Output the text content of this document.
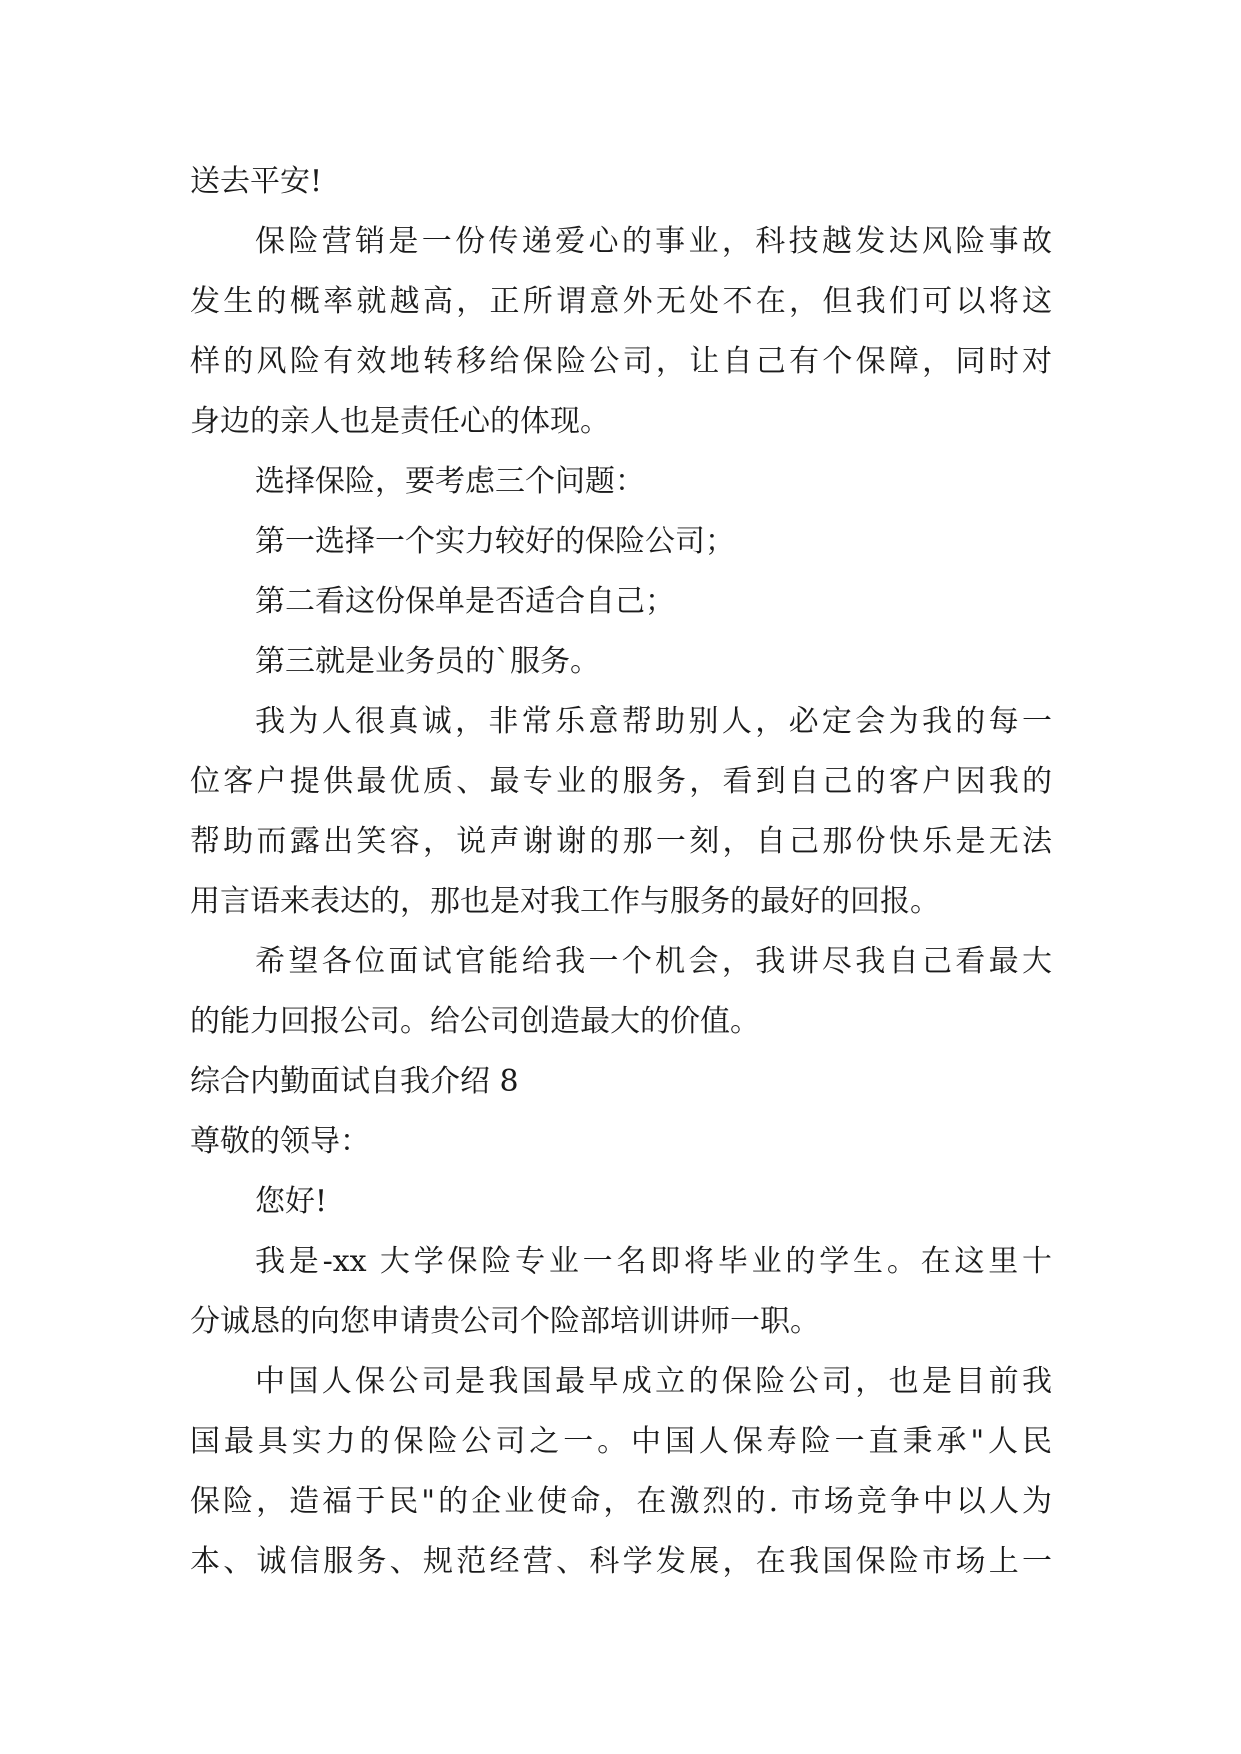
送去平安!
保险营销是一份传递爱心的事业，科技越发达风险事故
发生的概率就越高，正所谓意外无处不在，但我们可以将这
样的风险有效地转移给保险公司，让自己有个保障，同时对
身边的亲人也是责任心的体现。
选择保险，要考虑三个问题：
第一选择一个实力较好的保险公司；
第二看这份保单是否适合自己；
第三就是业务员的`服务。
我为人很真诚，非常乐意帮助别人，必定会为我的每一
位客户提供最优质、最专业的服务，看到自己的客户因我的
帮助而露出笑容，说声谢谢的那一刻，自己那份快乐是无法
用言语来表达的，那也是对我工作与服务的最好的回报。
希望各位面试官能给我一个机会，我讲尽我自己看最大
的能力回报公司。给公司创造最大的价值。
综合内勤面试自我介绍 8
尊敬的领导：
您好!
我是-xx 大学保险专业一名即将毕业的学生。在这里十
分诚恳的向您申请贵公司个险部培训讲师一职。
中国人保公司是我国最早成立的保险公司，也是目前我
国最具实力的保险公司之一。中国人保寿险一直秉承"人民
保险，造福于民"的企业使命，在激烈的. 市场竞争中以人为
本、诚信服务、规范经营、科学发展，在我国保险市场上一
